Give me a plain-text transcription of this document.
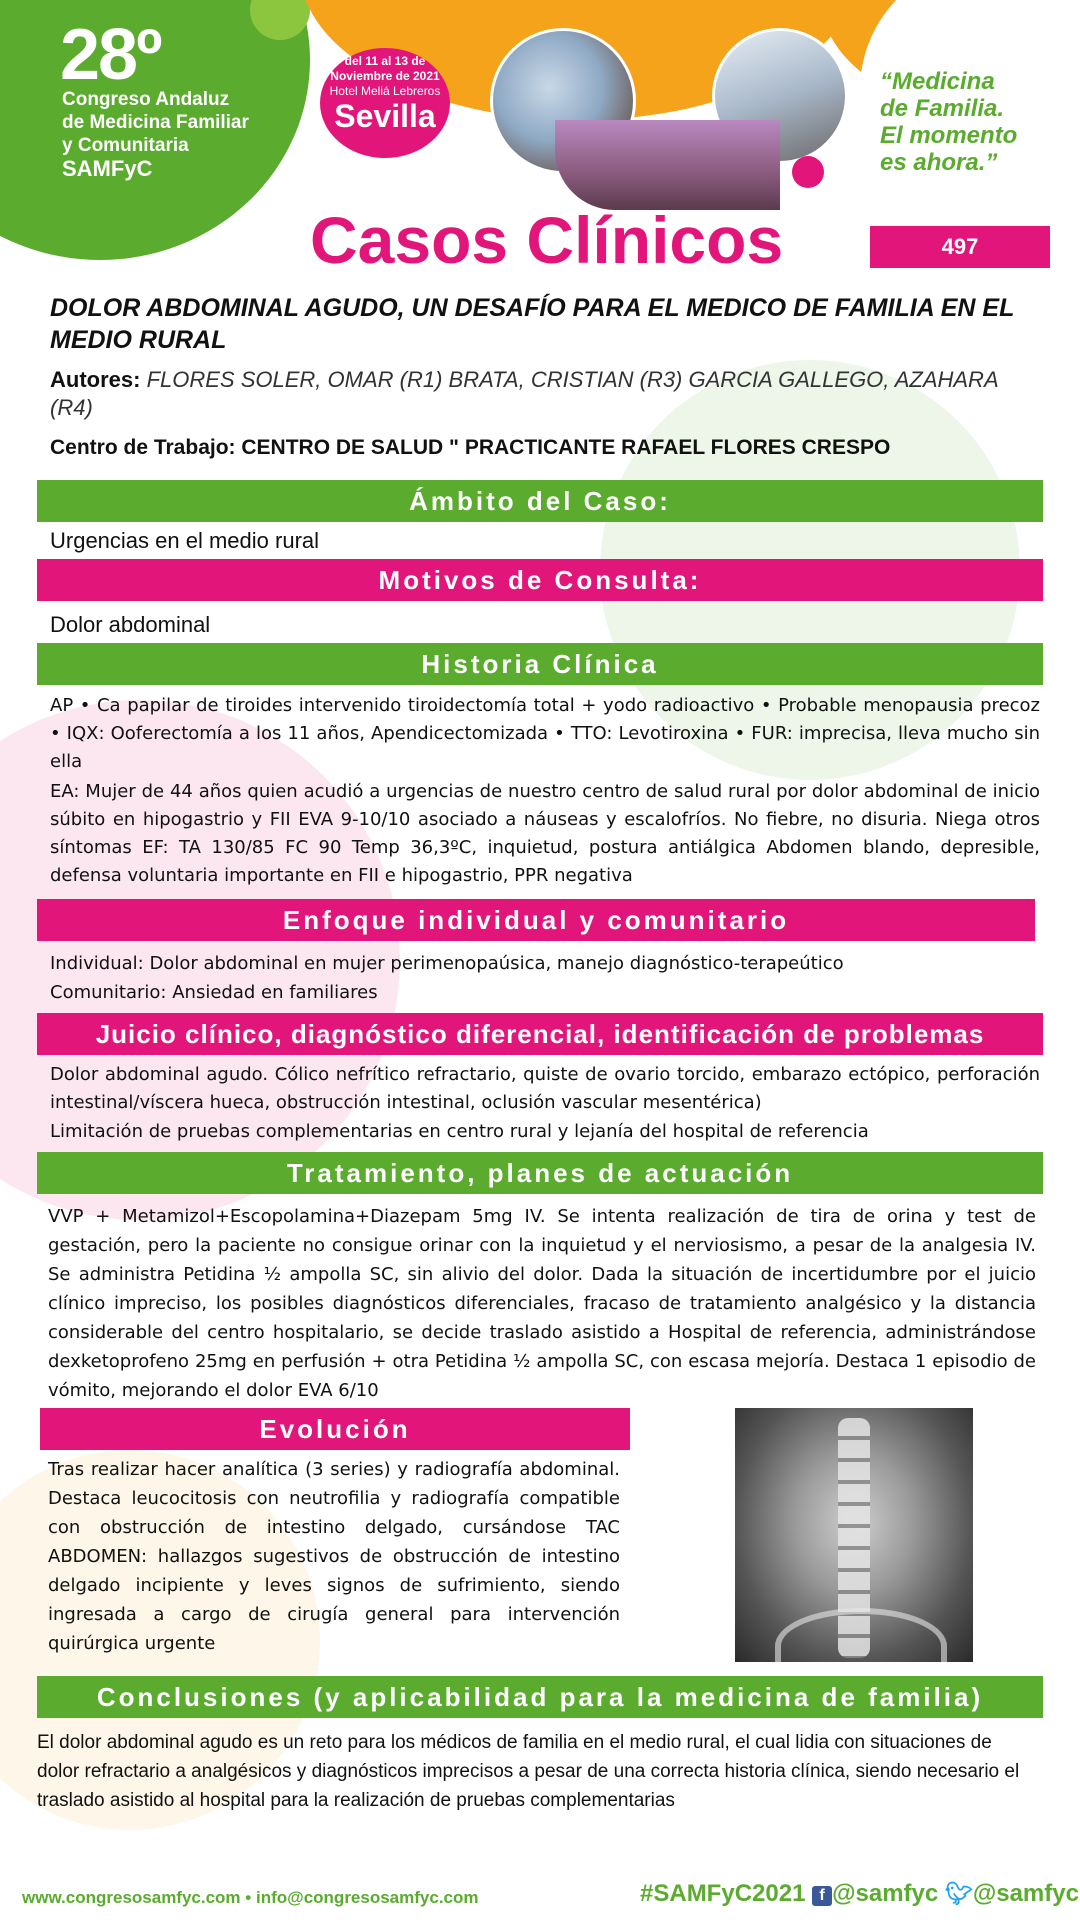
28º
Congreso Andaluz
de Medicina Familiar
y Comunitaria
SAMFyC
del 11 al 13 de
Noviembre de 2021
Hotel Meliá Lebreros
Sevilla
“Medicina
de Familia.
El momento
es ahora.”
Casos Clínicos	497
DOLOR ABDOMINAL AGUDO, UN DESAFÍO PARA EL MEDICO DE FAMILIA EN EL MEDIO RURAL
Autores: FLORES SOLER, OMAR (R1) BRATA, CRISTIAN (R3) GARCIA GALLEGO, AZAHARA (R4)
Centro de Trabajo: CENTRO DE SALUD " PRACTICANTE RAFAEL FLORES CRESPO
Ámbito del Caso:
Urgencias en el medio rural
Motivos de Consulta:
Dolor abdominal
Historia Clínica
AP • Ca papilar de tiroides intervenido tiroidectomía total + yodo radioactivo • Probable menopausia precoz • IQX: Ooferectomía a los 11 años, Apendicectomizada • TTO: Levotiroxina • FUR: imprecisa, lleva mucho sin ella
EA: Mujer de 44 años quien acudió a urgencias de nuestro centro de salud rural por dolor abdominal de inicio súbito en hipogastrio y FII EVA 9-10/10 asociado a náuseas y escalofríos. No fiebre, no disuria. Niega otros síntomas EF: TA 130/85 FC 90 Temp 36,3ºC, inquietud, postura antiálgica Abdomen blando, depresible, defensa voluntaria importante en FII e hipogastrio, PPR negativa
Enfoque individual y comunitario
Individual: Dolor abdominal en mujer perimenopaúsica, manejo diagnóstico-terapeútico
Comunitario: Ansiedad en familiares
Juicio clínico, diagnóstico diferencial, identificación de problemas
Dolor abdominal agudo. Cólico nefrítico refractario, quiste de ovario torcido, embarazo ectópico, perforación intestinal/víscera hueca, obstrucción intestinal, oclusión vascular mesentérica)
Limitación de pruebas complementarias en centro rural y lejanía del hospital de referencia
Tratamiento, planes de actuación
VVP + Metamizol+Escopolamina+Diazepam 5mg IV. Se intenta realización de tira de orina y test de gestación, pero la paciente no consigue orinar con la inquietud y el nerviosismo, a pesar de la analgesia IV. Se administra Petidina ½ ampolla SC, sin alivio del dolor. Dada la situación de incertidumbre por el juicio clínico impreciso, los posibles diagnósticos diferenciales, fracaso de tratamiento analgésico y la distancia considerable del centro hospitalario, se decide traslado asistido a Hospital de referencia, administrándose dexketoprofeno 25mg en perfusión + otra Petidina ½ ampolla SC, con escasa mejoría. Destaca 1 episodio de vómito, mejorando el dolor EVA 6/10
Evolución
Tras realizar hacer analítica (3 series) y radiografía abdominal. Destaca leucocitosis con neutrofilia y radiografía compatible con obstrucción de intestino delgado, cursándose TAC ABDOMEN: hallazgos sugestivos de obstrucción de intestino delgado incipiente y leves signos de sufrimiento, siendo ingresada a cargo de cirugía general para intervención quirúrgica urgente
Conclusiones (y aplicabilidad para la medicina de familia)
El dolor abdominal agudo es un reto para los médicos de familia en el medio rural, el cual lidia con situaciones de dolor refractario a analgésicos y diagnósticos imprecisos a pesar de una correcta historia clínica, siendo necesario el traslado asistido al hospital para la realización de pruebas complementarias
www.congresosamfyc.com • info@congresosamfyc.com	#SAMFyC2021 f @samfyc 🐦︎@samfyc
